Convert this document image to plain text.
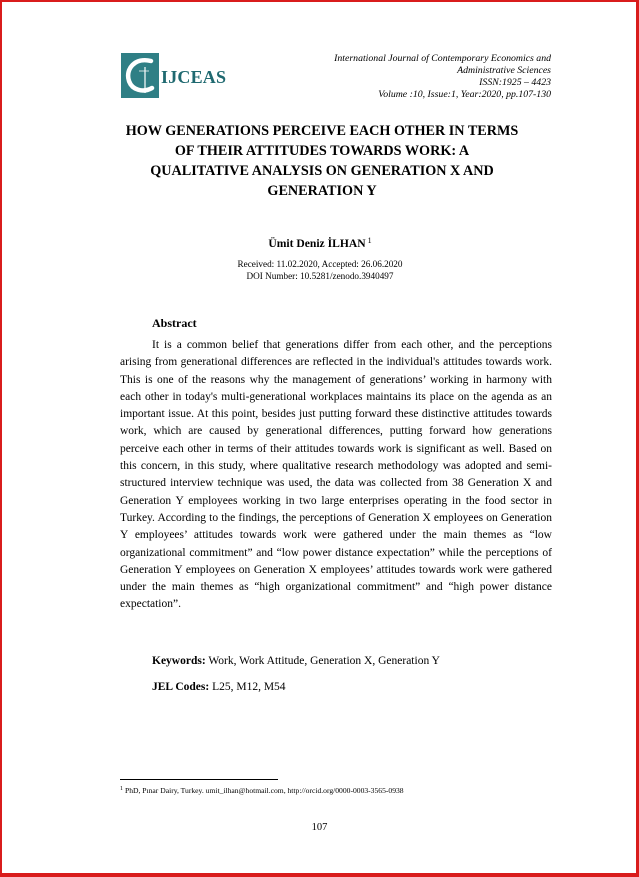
IJCEAS
International Journal of Contemporary Economics and
Administrative Sciences
ISSN:1925 – 4423
Volume :10, Issue:1, Year:2020, pp.107-130
HOW GENERATIONS PERCEIVE EACH OTHER IN TERMS
OF THEIR ATTITUDES TOWARDS WORK: A
QUALITATIVE ANALYSIS ON GENERATION X AND
GENERATION Y
Ümit Deniz İLHAN $^1$
Received: 11.02.2020, Accepted: 26.06.2020
DOI Number: 10.5281/zenodo.3940497
Abstract

It is a common belief that generations differ from each other, and the perceptions arising from generational differences are reflected in the individual's attitudes towards work. This is one of the reasons why the management of generations’ working in harmony with each other in today's multi-generational workplaces maintains its place on the agenda as an important issue. At this point, besides just putting forward these distinctive attitudes towards work, which are caused by generational differences, putting forward how generations perceive each other in terms of their attitudes towards work is significant as well. Based on this concern, in this study, where qualitative research methodology was adopted and semi-structured interview technique was used, the data was collected from 38 Generation X and Generation Y employees working in two large enterprises operating in the food sector in Turkey. According to the findings, the perceptions of Generation X employees on Generation Y employees’ attitudes towards work were gathered under the main themes as “low organizational commitment” and “low power distance expectation” while the perceptions of Generation Y employees on Generation X employees’ attitudes towards work were gathered under the main themes as “high organizational commitment” and “high power distance expectation”.

Keywords: Work, Work Attitude, Generation X, Generation Y
JEL Codes: L25, M12, M54
$^1$ PhD, Pınar Dairy, Turkey. umit_ilhan@hotmail.com, http://orcid.org/0000-0003-3565-0938
107
